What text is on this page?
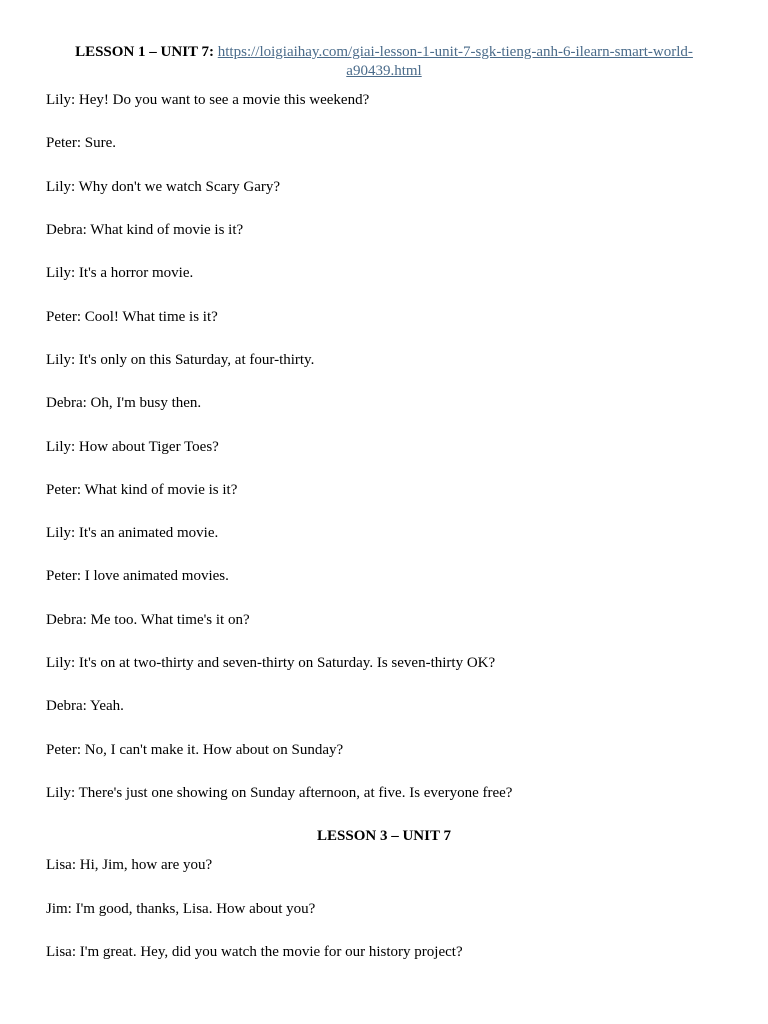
LESSON 1 – UNIT 7: https://loigiaihay.com/giai-lesson-1-unit-7-sgk-tieng-anh-6-ilearn-smart-world-a90439.html
Lily: Hey! Do you want to see a movie this weekend?
Peter: Sure.
Lily: Why don't we watch Scary Gary?
Debra: What kind of movie is it?
Lily: It's a horror movie.
Peter: Cool! What time is it?
Lily: It's only on this Saturday, at four-thirty.
Debra: Oh, I'm busy then.
Lily: How about Tiger Toes?
Peter: What kind of movie is it?
Lily: It's an animated movie.
Peter: I love animated movies.
Debra: Me too. What time's it on?
Lily: It's on at two-thirty and seven-thirty on Saturday. Is seven-thirty OK?
Debra: Yeah.
Peter: No, I can't make it. How about on Sunday?
Lily: There's just one showing on Sunday afternoon, at five. Is everyone free?
LESSON 3 – UNIT 7
Lisa: Hi, Jim, how are you?
Jim: I'm good, thanks, Lisa. How about you?
Lisa: I'm great. Hey, did you watch the movie for our history project?
